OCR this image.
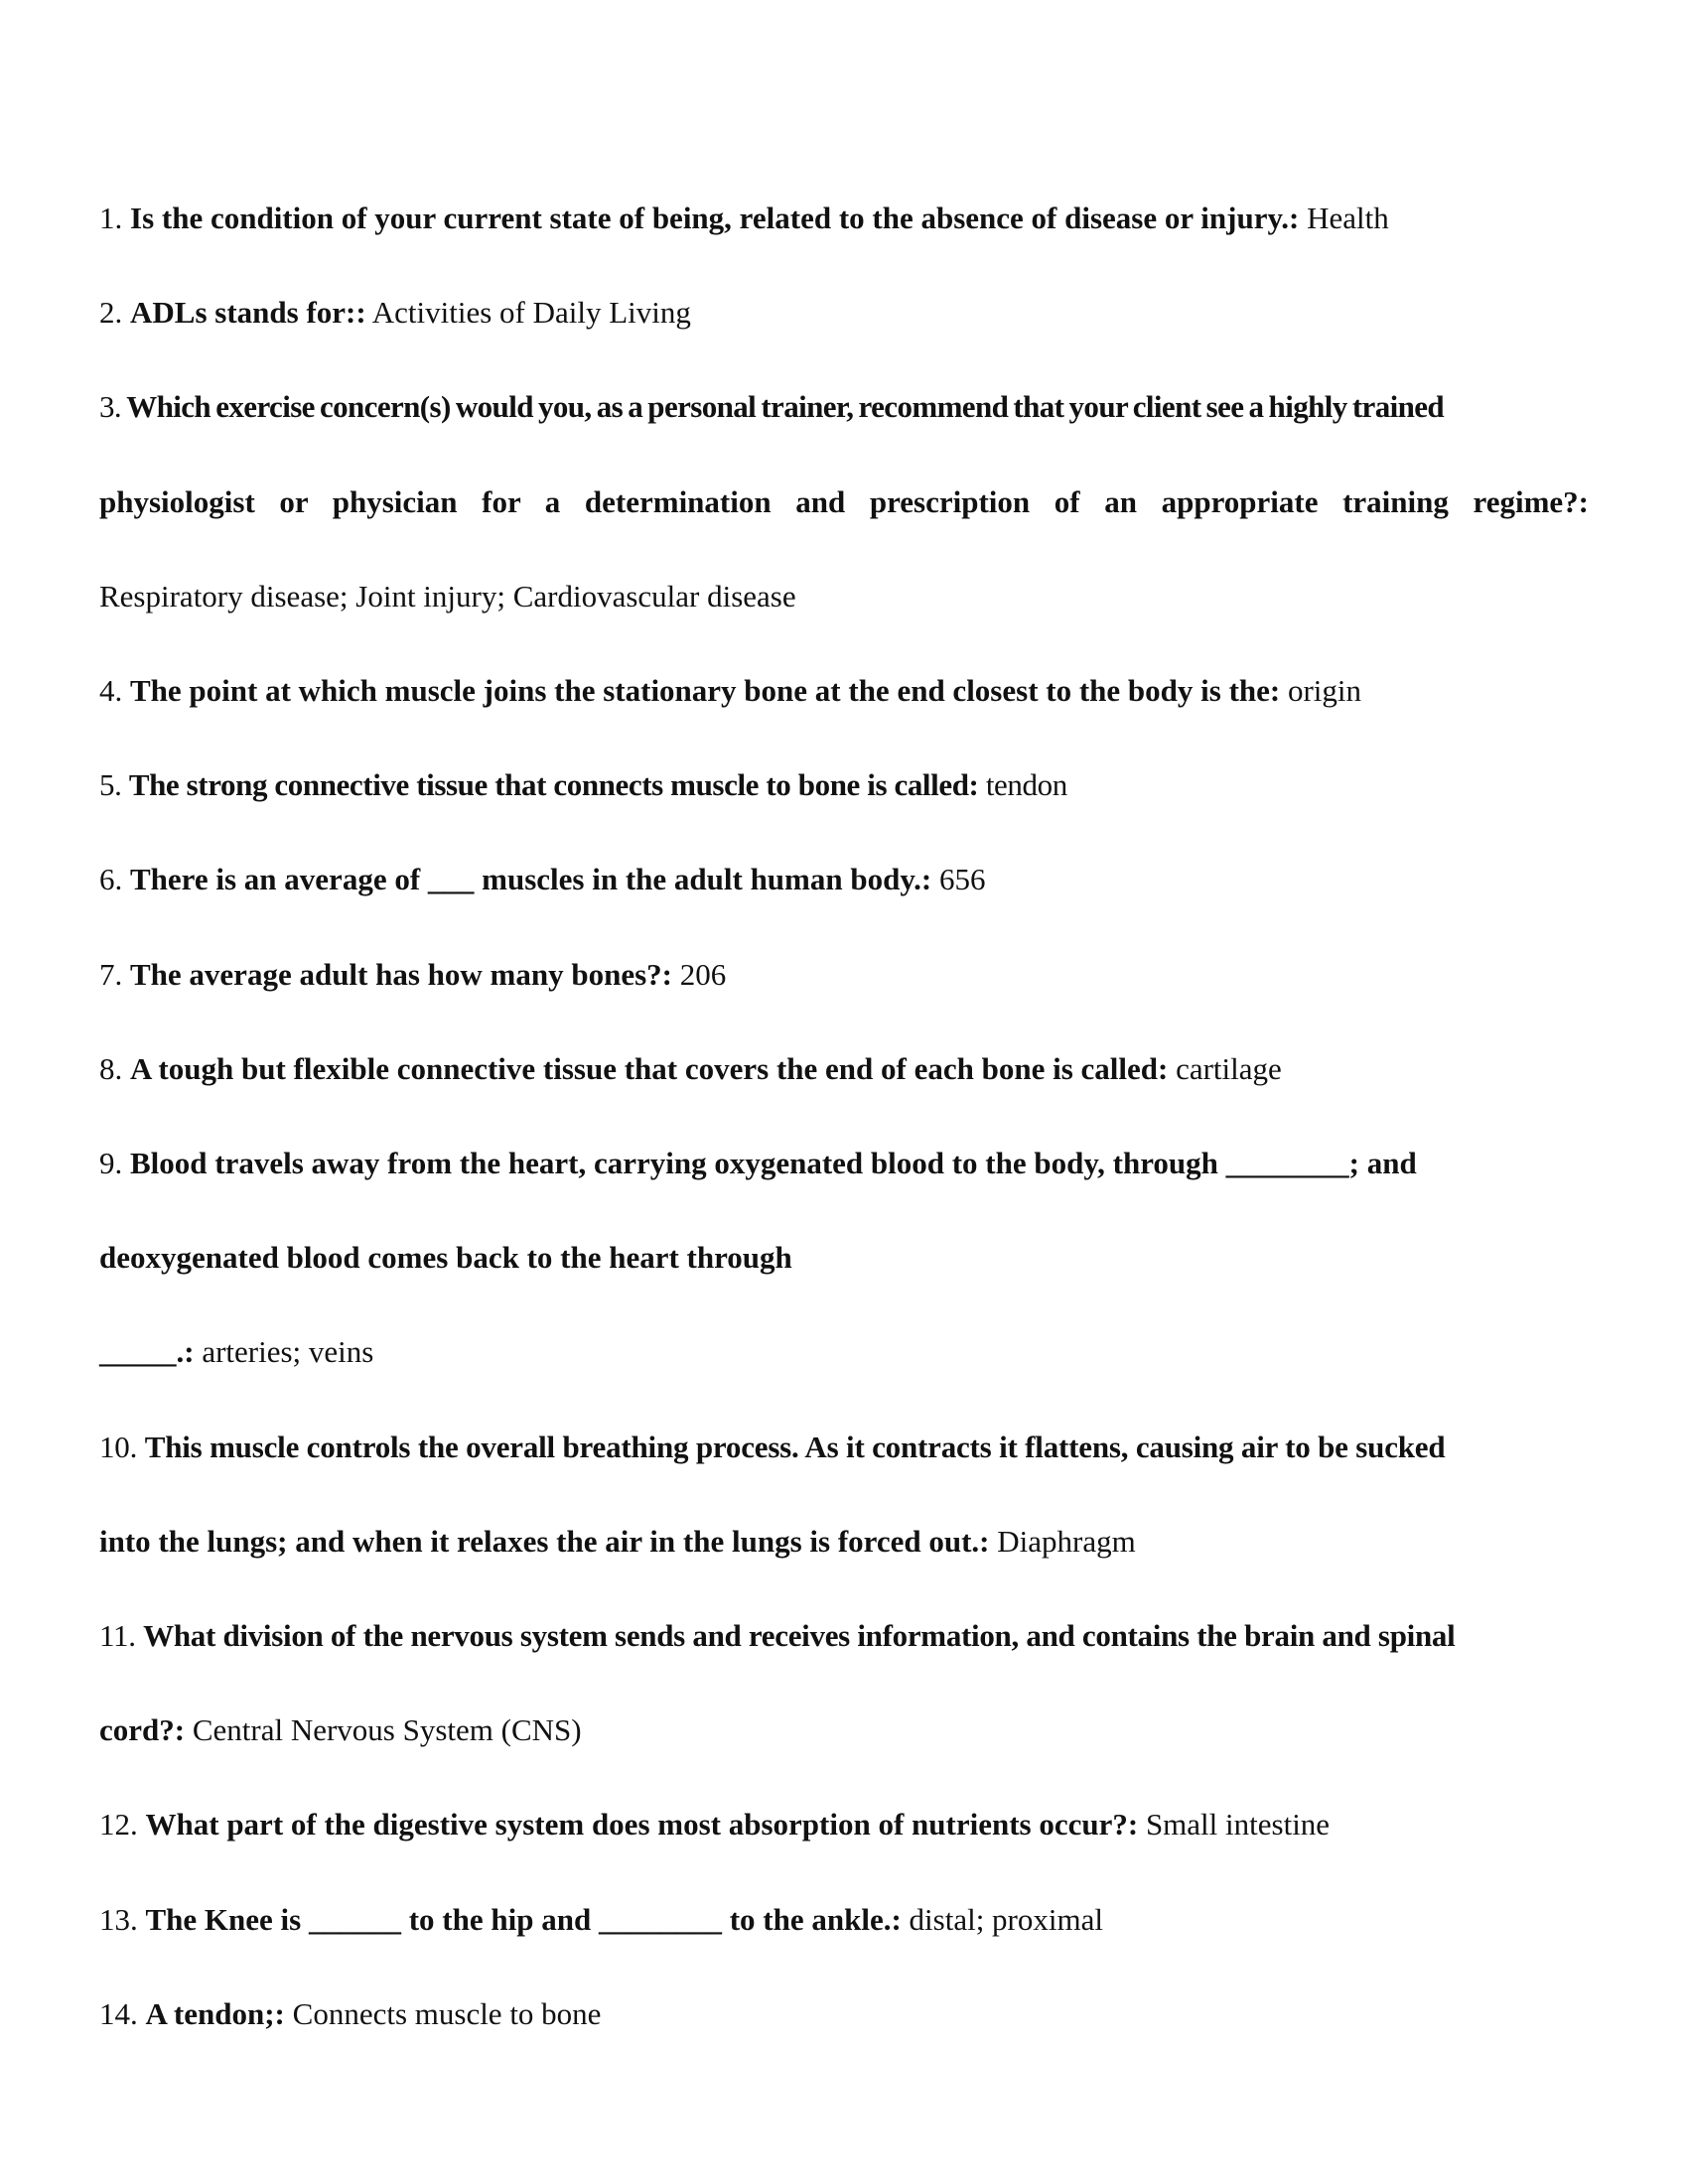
1. Is the condition of your current state of being, related to the absence of disease or injury.: Health
2. ADLs stands for:: Activities of Daily Living
3. Which exercise concern(s) would you, as a personal trainer, recommend that your client see a highly trained
physiologist or physician for a determination and prescription of an appropriate training regime?:
Respiratory disease; Joint injury; Cardiovascular disease
4. The point at which muscle joins the stationary bone at the end closest to the body is the: origin
5. The strong connective tissue that connects muscle to bone is called: tendon
6. There is an average of ___ muscles in the adult human body.: 656
7. The average adult has how many bones?: 206
8. A tough but flexible connective tissue that covers the end of each bone is called: cartilage
9. Blood travels away from the heart, carrying oxygenated blood to the body, through ________; and
deoxygenated blood comes back to the heart through
_____.: arteries; veins
10. This muscle controls the overall breathing process. As it contracts it flattens, causing air to be sucked
into the lungs; and when it relaxes the air in the lungs is forced out.: Diaphragm
11. What division of the nervous system sends and receives information, and contains the brain and spinal
cord?: Central Nervous System (CNS)
12. What part of the digestive system does most absorption of nutrients occur?: Small intestine
13. The Knee is ______ to the hip and ________ to the ankle.: distal; proximal
14. A tendon;: Connects muscle to bone
